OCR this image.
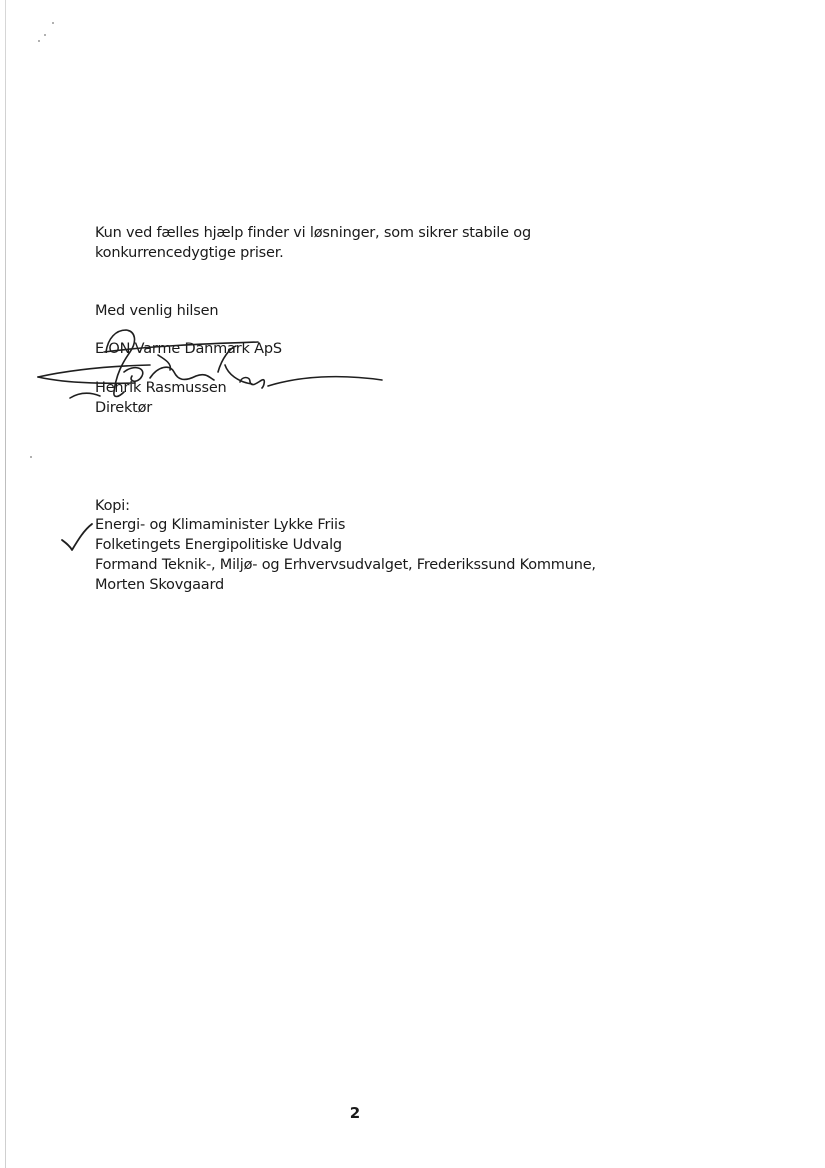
Kun ved fælles hjælp finder vi løsninger, som sikrer stabile og
konkurrencedygtige priser.
Med venlig hilsen
E.ON Varme Danmark ApS
Henrik Rasmussen
Direktør
Kopi:
Energi- og Klimaminister Lykke Friis
Folketingets Energipolitiske Udvalg
Formand Teknik-, Miljø- og Erhvervsudvalget, Frederikssund Kommune,
Morten Skovgaard
2
